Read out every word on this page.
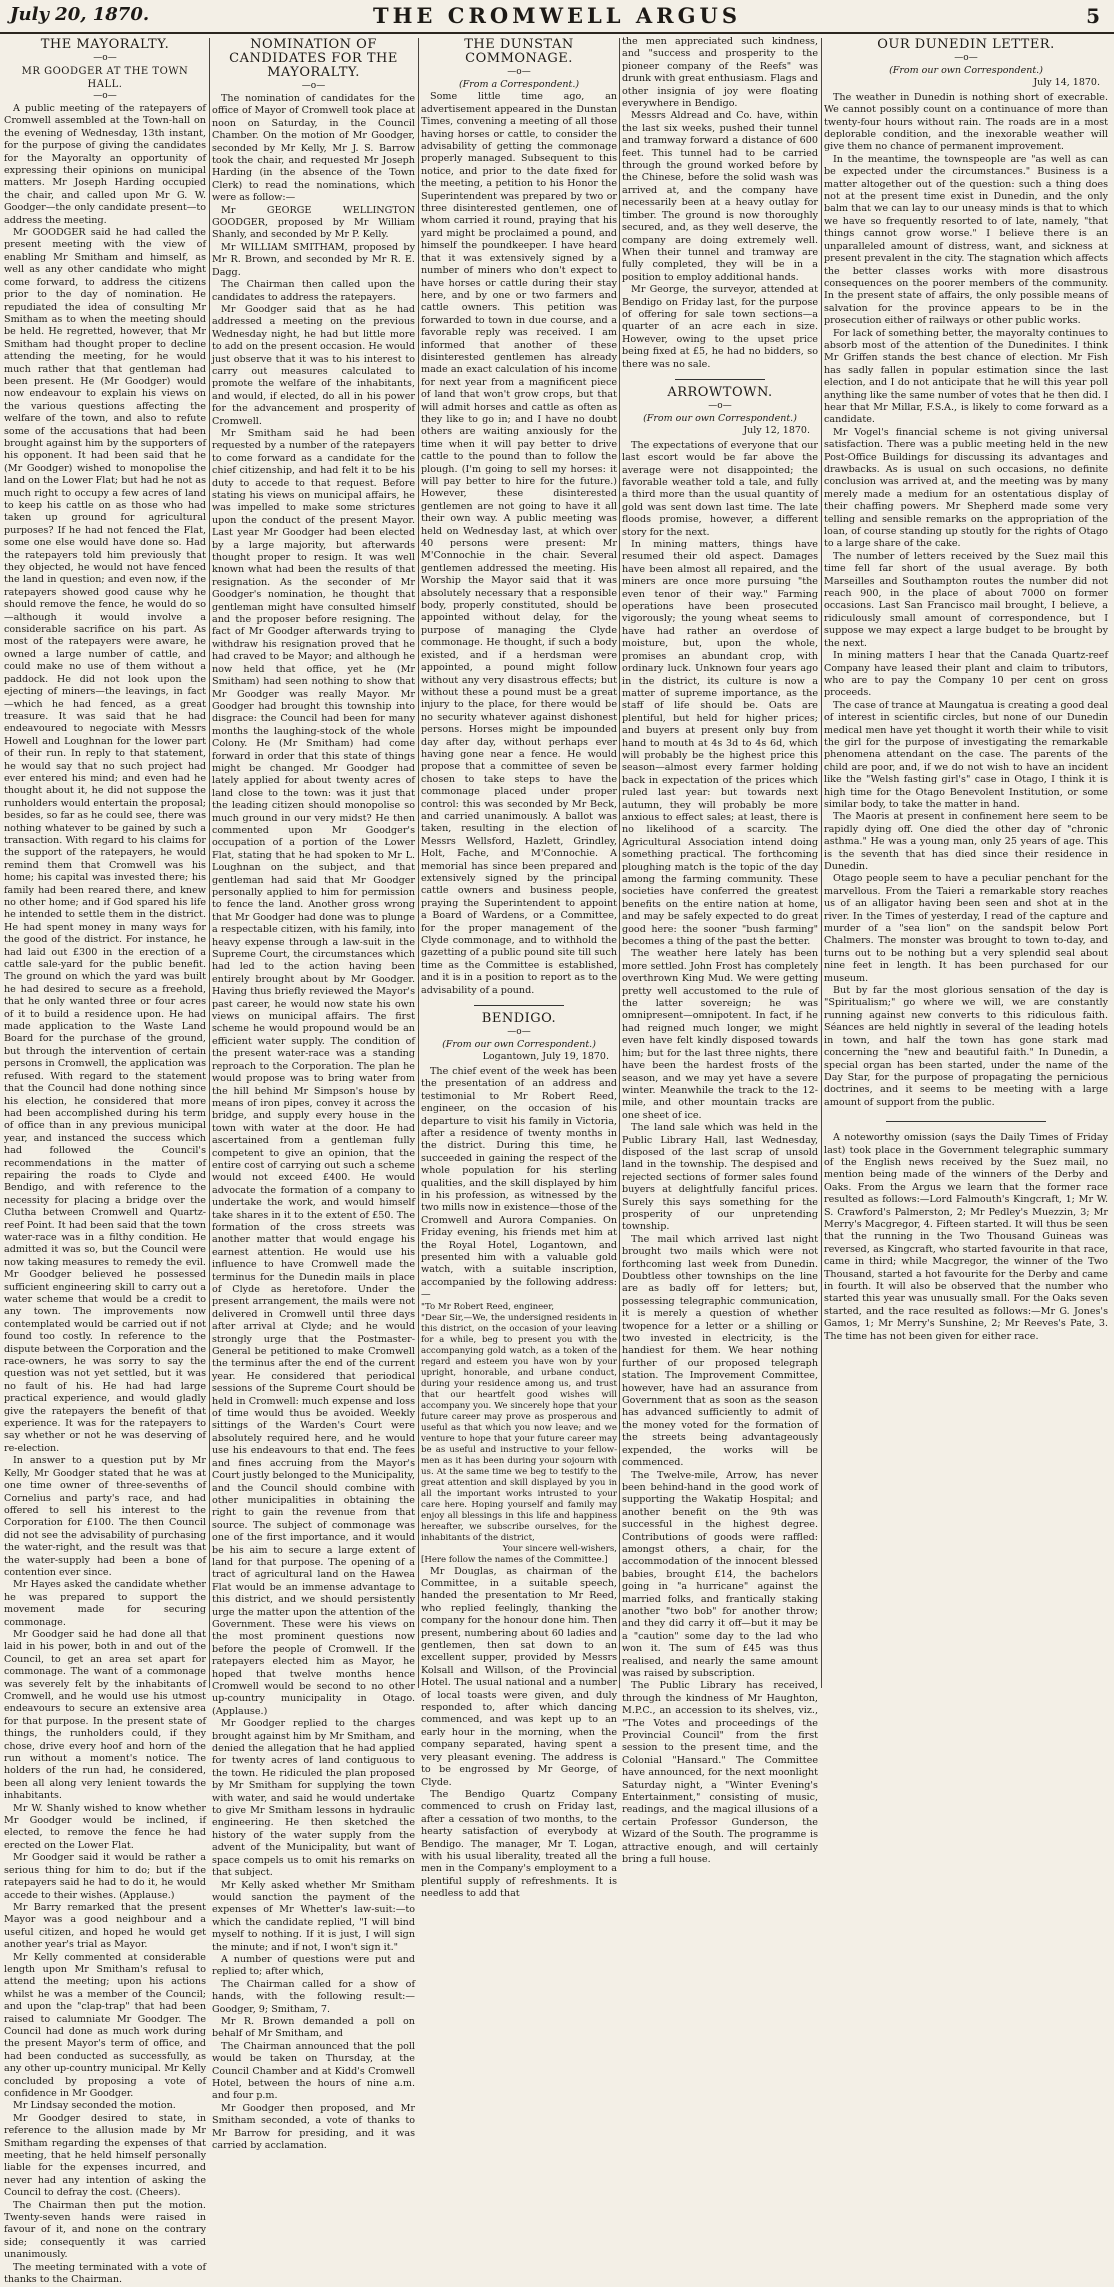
July 20, 1870.	THE CROMWELL ARGUS	5
THE MAYORALTY.
—o—
MR GOODGER AT THE TOWN HALL.
—o—

A public meeting of the ratepayers of Cromwell assembled at the Town-hall on the evening of Wednesday, 13th instant, for the purpose of giving the candidates for the Mayoralty an opportunity of expressing their opinions on municipal matters. Mr Joseph Harding occupied the chair, and called upon Mr G. W. Goodger—the only candidate present—to address the meeting.

Mr GOODGER said he had called the present meeting with the view of enabling Mr Smitham and himself, as well as any other candidate who might come forward, to address the citizens prior to the day of nomination. He repudiated the idea of consulting Mr Smitham as to when the meeting should be held. He regretted, however, that Mr Smitham had thought proper to decline attending the meeting, for he would much rather that that gentleman had been present. He (Mr Goodger) would now endeavour to explain his views on the various questions affecting the welfare of the town, and also to refute some of the accusations that had been brought against him by the supporters of his opponent. It had been said that he (Mr Goodger) wished to monopolise the land on the Lower Flat; but had he not as much right to occupy a few acres of land to keep his cattle on as those who had taken up ground for agricultural purposes? If he had not fenced the Flat, some one else would have done so. Had the ratepayers told him previously that they objected, he would not have fenced the land in question; and even now, if the ratepayers showed good cause why he should remove the fence, he would do so—although it would involve a considerable sacrifice on his part. As most of the ratepayers were aware, he owned a large number of cattle, and could make no use of them without a paddock. He did not look upon the ejecting of miners—the leavings, in fact—which he had fenced, as a great treasure. It was said that he had endeavoured to negociate with Messrs Howell and Loughnan for the lower part of their run. In reply to that statement, he would say that no such project had ever entered his mind; and even had he thought about it, he did not suppose the runholders would entertain the proposal; besides, so far as he could see, there was nothing whatever to be gained by such a transaction. With regard to his claims for the support of the ratepayers, he would remind them that Cromwell was his home; his capital was invested there; his family had been reared there, and knew no other home; and if God spared his life he intended to settle them in the district. He had spent money in many ways for the good of the district. For instance, he had laid out £300 in the erection of a cattle sale-yard for the public benefit. The ground on which the yard was built he had desired to secure as a freehold, that he only wanted three or four acres of it to build a residence upon. He had made application to the Waste Land Board for the purchase of the ground, but through the intervention of certain persons in Cromwell, the application was refused. With regard to the statement that the Council had done nothing since his election, he considered that more had been accomplished during his term of office than in any previous municipal year, and instanced the success which had followed the Council's recommendations in the matter of repairing the roads to Clyde and Bendigo, and with reference to the necessity for placing a bridge over the Clutha between Cromwell and Quartz-reef Point. It had been said that the town water-race was in a filthy condition. He admitted it was so, but the Council were now taking measures to remedy the evil. Mr Goodger believed he possessed sufficient engineering skill to carry out a water scheme that would be a credit to any town. The improvements now contemplated would be carried out if not found too costly. In reference to the dispute between the Corporation and the race-owners, he was sorry to say the question was not yet settled, but it was no fault of his. He had had large practical experience, and would gladly give the ratepayers the benefit of that experience. It was for the ratepayers to say whether or not he was deserving of re-election.

In answer to a question put by Mr Kelly, Mr Goodger stated that he was at one time owner of three-sevenths of Cornelius and party's race, and had offered to sell his interest to the Corporation for £100. The then Council did not see the advisability of purchasing the water-right, and the result was that the water-supply had been a bone of contention ever since.

Mr Hayes asked the candidate whether he was prepared to support the movement made for securing commonage.

Mr Goodger said he had done all that laid in his power, both in and out of the Council, to get an area set apart for commonage. The want of a commonage was severely felt by the inhabitants of Cromwell, and he would use his utmost endeavours to secure an extensive area for that purpose. In the present state of things, the runholders could, if they chose, drive every hoof and horn of the run without a moment's notice. The holders of the run had, he considered, been all along very lenient towards the inhabitants.

Mr W. Shanly wished to know whether Mr Goodger would be inclined, if elected, to remove the fence he had erected on the Lower Flat.

Mr Goodger said it would be rather a serious thing for him to do; but if the ratepayers said he had to do it, he would accede to their wishes. (Applause.)

Mr Barry remarked that the present Mayor was a good neighbour and a useful citizen, and hoped he would get another year's trial as Mayor.

Mr Kelly commented at considerable length upon Mr Smitham's refusal to attend the meeting; upon his actions whilst he was a member of the Council; and upon the "clap-trap" that had been raised to calumniate Mr Goodger. The Council had done as much work during the present Mayor's term of office, and had been conducted as successfully, as any other up-country municipal. Mr Kelly concluded by proposing a vote of confidence in Mr Goodger.

Mr Lindsay seconded the motion.

Mr Goodger desired to state, in reference to the allusion made by Mr Smitham regarding the expenses of that meeting, that he held himself personally liable for the expenses incurred, and never had any intention of asking the Council to defray the cost. (Cheers).

The Chairman then put the motion. Twenty-seven hands were raised in favour of it, and none on the contrary side; consequently it was carried unanimously.

The meeting terminated with a vote of thanks to the Chairman.

NOMINATION OF CANDIDATES FOR THE MAYORALTY.
—o—

The nomination of candidates for the office of Mayor of Cromwell took place at noon on Saturday, in the Council Chamber. On the motion of Mr Goodger, seconded by Mr Kelly, Mr J. S. Barrow took the chair, and requested Mr Joseph Harding (in the absence of the Town Clerk) to read the nominations, which were as follow:—

Mr GEORGE WELLINGTON GOODGER, proposed by Mr William Shanly, and seconded by Mr P. Kelly.

Mr WILLIAM SMITHAM, proposed by Mr R. Brown, and seconded by Mr R. E. Dagg.

The Chairman then called upon the candidates to address the ratepayers.

Mr Goodger said that as he had addressed a meeting on the previous Wednesday night, he had but little more to add on the present occasion. He would just observe that it was to his interest to carry out measures calculated to promote the welfare of the inhabitants, and would, if elected, do all in his power for the advancement and prosperity of Cromwell.

Mr Smitham said he had been requested by a number of the ratepayers to come forward as a candidate for the chief citizenship, and had felt it to be his duty to accede to that request. Before stating his views on municipal affairs, he was impelled to make some strictures upon the conduct of the present Mayor. Last year Mr Goodger had been elected by a large majority, but afterwards thought proper to resign. It was well known what had been the results of that resignation. As the seconder of Mr Goodger's nomination, he thought that gentleman might have consulted himself and the proposer before resigning. The fact of Mr Goodger afterwards trying to withdraw his resignation proved that he had craved to be Mayor; and although he now held that office, yet he (Mr Smitham) had seen nothing to show that Mr Goodger was really Mayor. Mr Goodger had brought this township into disgrace: the Council had been for many months the laughing-stock of the whole Colony. He (Mr Smitham) had come forward in order that this state of things might be changed. Mr Goodger had lately applied for about twenty acres of land close to the town: was it just that the leading citizen should monopolise so much ground in our very midst? He then commented upon Mr Goodger's occupation of a portion of the Lower Flat, stating that he had spoken to Mr L. Loughnan on the subject, and that gentleman had said that Mr Goodger personally applied to him for permission to fence the land. Another gross wrong that Mr Goodger had done was to plunge a respectable citizen, with his family, into heavy expense through a law-suit in the Supreme Court, the circumstances which had led to the action having been entirely brought about by Mr Goodger. Having thus briefly reviewed the Mayor's past career, he would now state his own views on municipal affairs. The first scheme he would propound would be an efficient water supply. The condition of the present water-race was a standing reproach to the Corporation. The plan he would propose was to bring water from the hill behind Mr Simpson's house by means of iron pipes, convey it across the bridge, and supply every house in the town with water at the door. He had ascertained from a gentleman fully competent to give an opinion, that the entire cost of carrying out such a scheme would not exceed £400. He would advocate the formation of a company to undertake the work, and would himself take shares in it to the extent of £50. The formation of the cross streets was another matter that would engage his earnest attention. He would use his influence to have Cromwell made the terminus for the Dunedin mails in place of Clyde as heretofore. Under the present arrangement, the mails were not delivered in Cromwell until three days after arrival at Clyde; and he would strongly urge that the Postmaster-General be petitioned to make Cromwell the terminus after the end of the current year. He considered that periodical sessions of the Supreme Court should be held in Cromwell: much expense and loss of time would thus be avoided. Weekly sittings of the Warden's Court were absolutely required here, and he would use his endeavours to that end. The fees and fines accruing from the Mayor's Court justly belonged to the Municipality, and the Council should combine with other municipalities in obtaining the right to gain the revenue from that source. The subject of commonage was one of the first importance, and it would be his aim to secure a large extent of land for that purpose. The opening of a tract of agricultural land on the Hawea Flat would be an immense advantage to this district, and we should persistently urge the matter upon the attention of the Government. These were his views on the most prominent questions now before the people of Cromwell. If the ratepayers elected him as Mayor, he hoped that twelve months hence Cromwell would be second to no other up-country municipality in Otago. (Applause.)

Mr Goodger replied to the charges brought against him by Mr Smitham, and denied the allegation that he had applied for twenty acres of land contiguous to the town. He ridiculed the plan proposed by Mr Smitham for supplying the town with water, and said he would undertake to give Mr Smitham lessons in hydraulic engineering. He then sketched the history of the water supply from the advent of the Municipality, but want of space compels us to omit his remarks on that subject.

Mr Kelly asked whether Mr Smitham would sanction the payment of the expenses of Mr Whetter's law-suit:—to which the candidate replied, "I will bind myself to nothing. If it is just, I will sign the minute; and if not, I won't sign it."

A number of questions were put and replied to; after which,

The Chairman called for a show of hands, with the following result:—Goodger, 9; Smitham, 7.

Mr R. Brown demanded a poll on behalf of Mr Smitham, and

The Chairman announced that the poll would be taken on Thursday, at the Council Chamber and at Kidd's Cromwell Hotel, between the hours of nine a.m. and four p.m.

Mr Goodger then proposed, and Mr Smitham seconded, a vote of thanks to Mr Barrow for presiding, and it was carried by acclamation.

THE DUNSTAN COMMONAGE.
—o—
(From a Correspondent.)

Some little time ago, an advertisement appeared in the Dunstan Times, convening a meeting of all those having horses or cattle, to consider the advisability of getting the commonage properly managed. Subsequent to this notice, and prior to the date fixed for the meeting, a petition to his Honor the Superintendent was prepared by two or three disinterested gentlemen, one of whom carried it round, praying that his yard might be proclaimed a pound, and himself the poundkeeper. I have heard that it was extensively signed by a number of miners who don't expect to have horses or cattle during their stay here, and by one or two farmers and cattle owners. This petition was forwarded to town in due course, and a favorable reply was received. I am informed that another of these disinterested gentlemen has already made an exact calculation of his income for next year from a magnificent piece of land that won't grow crops, but that will admit horses and cattle as often as they like to go in; and I have no doubt others are waiting anxiously for the time when it will pay better to drive cattle to the pound than to follow the plough. (I'm going to sell my horses: it will pay better to hire for the future.) However, these disinterested gentlemen are not going to have it all their own way. A public meeting was held on Wednesday last, at which over 40 persons were present: Mr M'Connochie in the chair. Several gentlemen addressed the meeting. His Worship the Mayor said that it was absolutely necessary that a responsible body, properly constituted, should be appointed without delay, for the purpose of managing the Clyde commonage. He thought, if such a body existed, and if a herdsman were appointed, a pound might follow without any very disastrous effects; but without these a pound must be a great injury to the place, for there would be no security whatever against dishonest persons. Horses might be impounded day after day, without perhaps ever having gone near a fence. He would propose that a committee of seven be chosen to take steps to have the commonage placed under proper control: this was seconded by Mr Beck, and carried unanimously. A ballot was taken, resulting in the election of Messrs Wellsford, Hazlett, Grindley, Holt, Fache, and M'Connochie. A memorial has since been prepared and extensively signed by the principal cattle owners and business people, praying the Superintendent to appoint a Board of Wardens, or a Committee, for the proper management of the Clyde commonage, and to withhold the gazetting of a public pound site till such time as the Committee is established, and it is in a position to report as to the advisability of a pound.

BENDIGO.
—o—
(From our own Correspondent.)
Logantown, July 19, 1870.

The chief event of the week has been the presentation of an address and testimonial to Mr Robert Reed, engineer, on the occasion of his departure to visit his family in Victoria, after a residence of twenty months in the district. During this time, he succeeded in gaining the respect of the whole population for his sterling qualities, and the skill displayed by him in his profession, as witnessed by the two mills now in existence—those of the Cromwell and Aurora Companies. On Friday evening, his friends met him at the Royal Hotel, Logantown, and presented him with a valuable gold watch, with a suitable inscription, accompanied by the following address:—

"To Mr Robert Reed, engineer,

"Dear Sir,—We, the undersigned residents in this district, on the occasion of your leaving for a while, beg to present you with the accompanying gold watch, as a token of the regard and esteem you have won by your upright, honorable, and urbane conduct, during your residence among us, and trust that our heartfelt good wishes will accompany you. We sincerely hope that your future career may prove as prosperous and useful as that which you now leave; and we venture to hope that your future career may be as useful and instructive to your fellow-men as it has been during your sojourn with us. At the same time we beg to testify to the great attention and skill displayed by you in all the important works intrusted to your care here. Hoping yourself and family may enjoy all blessings in this life and happiness hereafter, we subscribe ourselves, for the inhabitants of the district,

Your sincere well-wishers,

[Here follow the names of the Committee.]

Mr Douglas, as chairman of the Committee, in a suitable speech, handed the presentation to Mr Reed, who replied feelingly, thanking the company for the honour done him. Then present, numbering about 60 ladies and gentlemen, then sat down to an excellent supper, provided by Messrs Kolsall and Willson, of the Provincial Hotel. The usual national and a number of local toasts were given, and duly responded to, after which dancing commenced, and was kept up to an early hour in the morning, when the company separated, having spent a very pleasant evening. The address is to be engrossed by Mr George, of Clyde.

The Bendigo Quartz Company commenced to crush on Friday last, after a cessation of two months, to the hearty satisfaction of everybody at Bendigo. The manager, Mr T. Logan, with his usual liberality, treated all the men in the Company's employment to a plentiful supply of refreshments. It is needless to add that

the men appreciated such kindness, and "success and prosperity to the pioneer company of the Reefs" was drunk with great enthusiasm. Flags and other insignia of joy were floating everywhere in Bendigo.

Messrs Aldread and Co. have, within the last six weeks, pushed their tunnel and tramway forward a distance of 600 feet. This tunnel had to be carried through the ground worked before by the Chinese, before the solid wash was arrived at, and the company have necessarily been at a heavy outlay for timber. The ground is now thoroughly secured, and, as they well deserve, the company are doing extremely well. When their tunnel and tramway are fully completed, they will be in a position to employ additional hands.

Mr George, the surveyor, attended at Bendigo on Friday last, for the purpose of offering for sale town sections—a quarter of an acre each in size. However, owing to the upset price being fixed at £5, he had no bidders, so there was no sale.

ARROWTOWN.
—o—
(From our own Correspondent.)
July 12, 1870.

The expectations of everyone that our last escort would be far above the average were not disappointed; the favorable weather told a tale, and fully a third more than the usual quantity of gold was sent down last time. The late floods promise, however, a different story for the next.

In mining matters, things have resumed their old aspect. Damages have been almost all repaired, and the miners are once more pursuing "the even tenor of their way." Farming operations have been prosecuted vigorously; the young wheat seems to have had rather an overdose of moisture, but, upon the whole, promises an abundant crop, with ordinary luck. Unknown four years ago in the district, its culture is now a matter of supreme importance, as the staff of life should be. Oats are plentiful, but held for higher prices; and buyers at present only buy from hand to mouth at 4s 3d to 4s 6d, which will probably be the highest price this season—almost every farmer holding back in expectation of the prices which ruled last year: but towards next autumn, they will probably be more anxious to effect sales; at least, there is no likelihood of a scarcity. The Agricultural Association intend doing something practical. The forthcoming ploughing match is the topic of the day among the farming community. These societies have conferred the greatest benefits on the entire nation at home, and may be safely expected to do great good here: the sooner "bush farming" becomes a thing of the past the better.

The weather here lately has been more settled. John Frost has completely overthrown King Mud. We were getting pretty well accustomed to the rule of the latter sovereign; he was omnipresent—omnipotent. In fact, if he had reigned much longer, we might even have felt kindly disposed towards him; but for the last three nights, there have been the hardest frosts of the season, and we may yet have a severe winter. Meanwhile the track to the 12-mile, and other mountain tracks are one sheet of ice.

The land sale which was held in the Public Library Hall, last Wednesday, disposed of the last scrap of unsold land in the township. The despised and rejected sections of former sales found buyers at delightfully fanciful prices. Surely this says something for the prosperity of our unpretending township.

The mail which arrived last night brought two mails which were not forthcoming last week from Dunedin. Doubtless other townships on the line are as badly off for letters; but, possessing telegraphic communication, it is merely a question of whether twopence for a letter or a shilling or two invested in electricity, is the handiest for them. We hear nothing further of our proposed telegraph station. The Improvement Committee, however, have had an assurance from Government that as soon as the season has advanced sufficiently to admit of the money voted for the formation of the streets being advantageously expended, the works will be commenced.

The Twelve-mile, Arrow, has never been behind-hand in the good work of supporting the Wakatip Hospital; and another benefit on the 9th was successful in the highest degree. Contributions of goods were raffled: amongst others, a chair, for the accommodation of the innocent blessed babies, brought £14, the bachelors going in "a hurricane" against the married folks, and frantically staking another "two bob" for another throw; and they did carry it off—but it may be a "caution" some day to the lad who won it. The sum of £45 was thus realised, and nearly the same amount was raised by subscription.

The Public Library has received, through the kindness of Mr Haughton, M.P.C., an accession to its shelves, viz., "The Votes and proceedings of the Provincial Council" from the first session to the present time, and the Colonial "Hansard." The Committee have announced, for the next moonlight Saturday night, a "Winter Evening's Entertainment," consisting of music, readings, and the magical illusions of a certain Professor Gunderson, the Wizard of the South. The programme is attractive enough, and will certainly bring a full house.

OUR DUNEDIN LETTER.
—o—
(From our own Correspondent.)
July 14, 1870.

The weather in Dunedin is nothing short of execrable. We cannot possibly count on a continuance of more than twenty-four hours without rain. The roads are in a most deplorable condition, and the inexorable weather will give them no chance of permanent improvement.

In the meantime, the townspeople are "as well as can be expected under the circumstances." Business is a matter altogether out of the question: such a thing does not at the present time exist in Dunedin, and the only balm that we can lay to our uneasy minds is that to which we have so frequently resorted to of late, namely, "that things cannot grow worse." I believe there is an unparalleled amount of distress, want, and sickness at present prevalent in the city. The stagnation which affects the better classes works with more disastrous consequences on the poorer members of the community. In the present state of affairs, the only possible means of salvation for the province appears to be in the prosecution either of railways or other public works.

For lack of something better, the mayoralty continues to absorb most of the attention of the Dunedinites. I think Mr Griffen stands the best chance of election. Mr Fish has sadly fallen in popular estimation since the last election, and I do not anticipate that he will this year poll anything like the same number of votes that he then did. I hear that Mr Millar, F.S.A., is likely to come forward as a candidate.

Mr Vogel's financial scheme is not giving universal satisfaction. There was a public meeting held in the new Post-Office Buildings for discussing its advantages and drawbacks. As is usual on such occasions, no definite conclusion was arrived at, and the meeting was by many merely made a medium for an ostentatious display of their chaffing powers. Mr Shepherd made some very telling and sensible remarks on the appropriation of the loan, of course standing up stoutly for the rights of Otago to a large share of the cake.

The number of letters received by the Suez mail this time fell far short of the usual average. By both Marseilles and Southampton routes the number did not reach 900, in the place of about 7000 on former occasions. Last San Francisco mail brought, I believe, a ridiculously small amount of correspondence, but I suppose we may expect a large budget to be brought by the next.

In mining matters I hear that the Canada Quartz-reef Company have leased their plant and claim to tributors, who are to pay the Company 10 per cent on gross proceeds.

The case of trance at Maungatua is creating a good deal of interest in scientific circles, but none of our Dunedin medical men have yet thought it worth their while to visit the girl for the purpose of investigating the remarkable phenomena attendant on the case. The parents of the child are poor, and, if we do not wish to have an incident like the "Welsh fasting girl's" case in Otago, I think it is high time for the Otago Benevolent Institution, or some similar body, to take the matter in hand.

The Maoris at present in confinement here seem to be rapidly dying off. One died the other day of "chronic asthma." He was a young man, only 25 years of age. This is the seventh that has died since their residence in Dunedin.

Otago people seem to have a peculiar penchant for the marvellous. From the Taieri a remarkable story reaches us of an alligator having been seen and shot at in the river. In the Times of yesterday, I read of the capture and murder of a "sea lion" on the sandspit below Port Chalmers. The monster was brought to town to-day, and turns out to be nothing but a very splendid seal about nine feet in length. It has been purchased for our museum.

But by far the most glorious sensation of the day is "Spiritualism;" go where we will, we are constantly running against new converts to this ridiculous faith. Séances are held nightly in several of the leading hotels in town, and half the town has gone stark mad concerning the "new and beautiful faith." In Dunedin, a special organ has been started, under the name of the Day Star, for the purpose of propagating the pernicious doctrines, and it seems to be meeting with a large amount of support from the public.

A noteworthy omission (says the Daily Times of Friday last) took place in the Government telegraphic summary of the English news received by the Suez mail, no mention being made of the winners of the Derby and Oaks. From the Argus we learn that the former race resulted as follows:—Lord Falmouth's Kingcraft, 1; Mr W. S. Crawford's Palmerston, 2; Mr Pedley's Muezzin, 3; Mr Merry's Macgregor, 4. Fifteen started. It will thus be seen that the running in the Two Thousand Guineas was reversed, as Kingcraft, who started favourite in that race, came in third; while Macgregor, the winner of the Two Thousand, started a hot favourite for the Derby and came in fourth. It will also be observed that the number who started this year was unusually small. For the Oaks seven started, and the race resulted as follows:—Mr G. Jones's Gamos, 1; Mr Merry's Sunshine, 2; Mr Reeves's Pate, 3. The time has not been given for either race.
